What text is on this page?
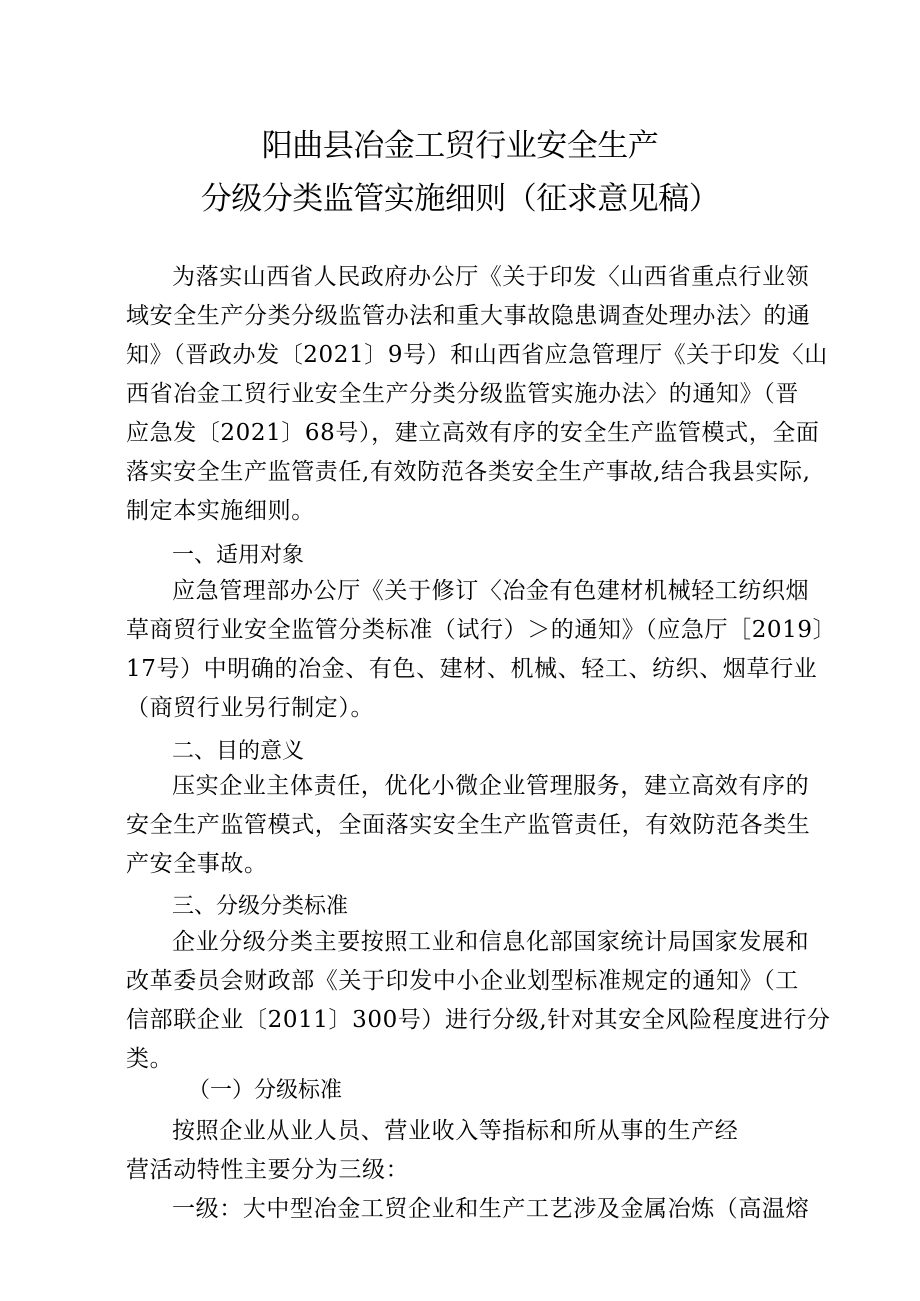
阳曲县冶金工贸行业安全生产
分级分类监管实施细则（征求意见稿）
为落实山西省人民政府办公厅《关于印发〈山西省重点行业领
域安全生产分类分级监管办法和重大事故隐患调查处理办法〉的通
知》（晋政办发〔2021〕9号）和山西省应急管理厅《关于印发〈山
西省冶金工贸行业安全生产分类分级监管实施办法〉的通知》（晋
应急发〔2021〕68号），建立高效有序的安全生产监管模式，全面
落实安全生产监管责任,有效防范各类安全生产事故,结合我县实际,
制定本实施细则。
一、适用对象
应急管理部办公厅《关于修订〈冶金有色建材机械轻工纺织烟
草商贸行业安全监管分类标准（试行）＞的通知》（应急厅［2019〕
17号）中明确的冶金、有色、建材、机械、轻工、纺织、烟草行业
（商贸行业另行制定）。
二、目的意义
压实企业主体责任，优化小微企业管理服务，建立高效有序的
安全生产监管模式，全面落实安全生产监管责任，有效防范各类生
产安全事故。
三、分级分类标准
企业分级分类主要按照工业和信息化部国家统计局国家发展和
改革委员会财政部《关于印发中小企业划型标准规定的通知》（工
信部联企业〔2011〕300号）进行分级,针对其安全风险程度进行分
类。
（一）分级标准
按照企业从业人员、营业收入等指标和所从事的生产经
营活动特性主要分为三级：
一级：大中型冶金工贸企业和生产工艺涉及金属冶炼（高温熔
